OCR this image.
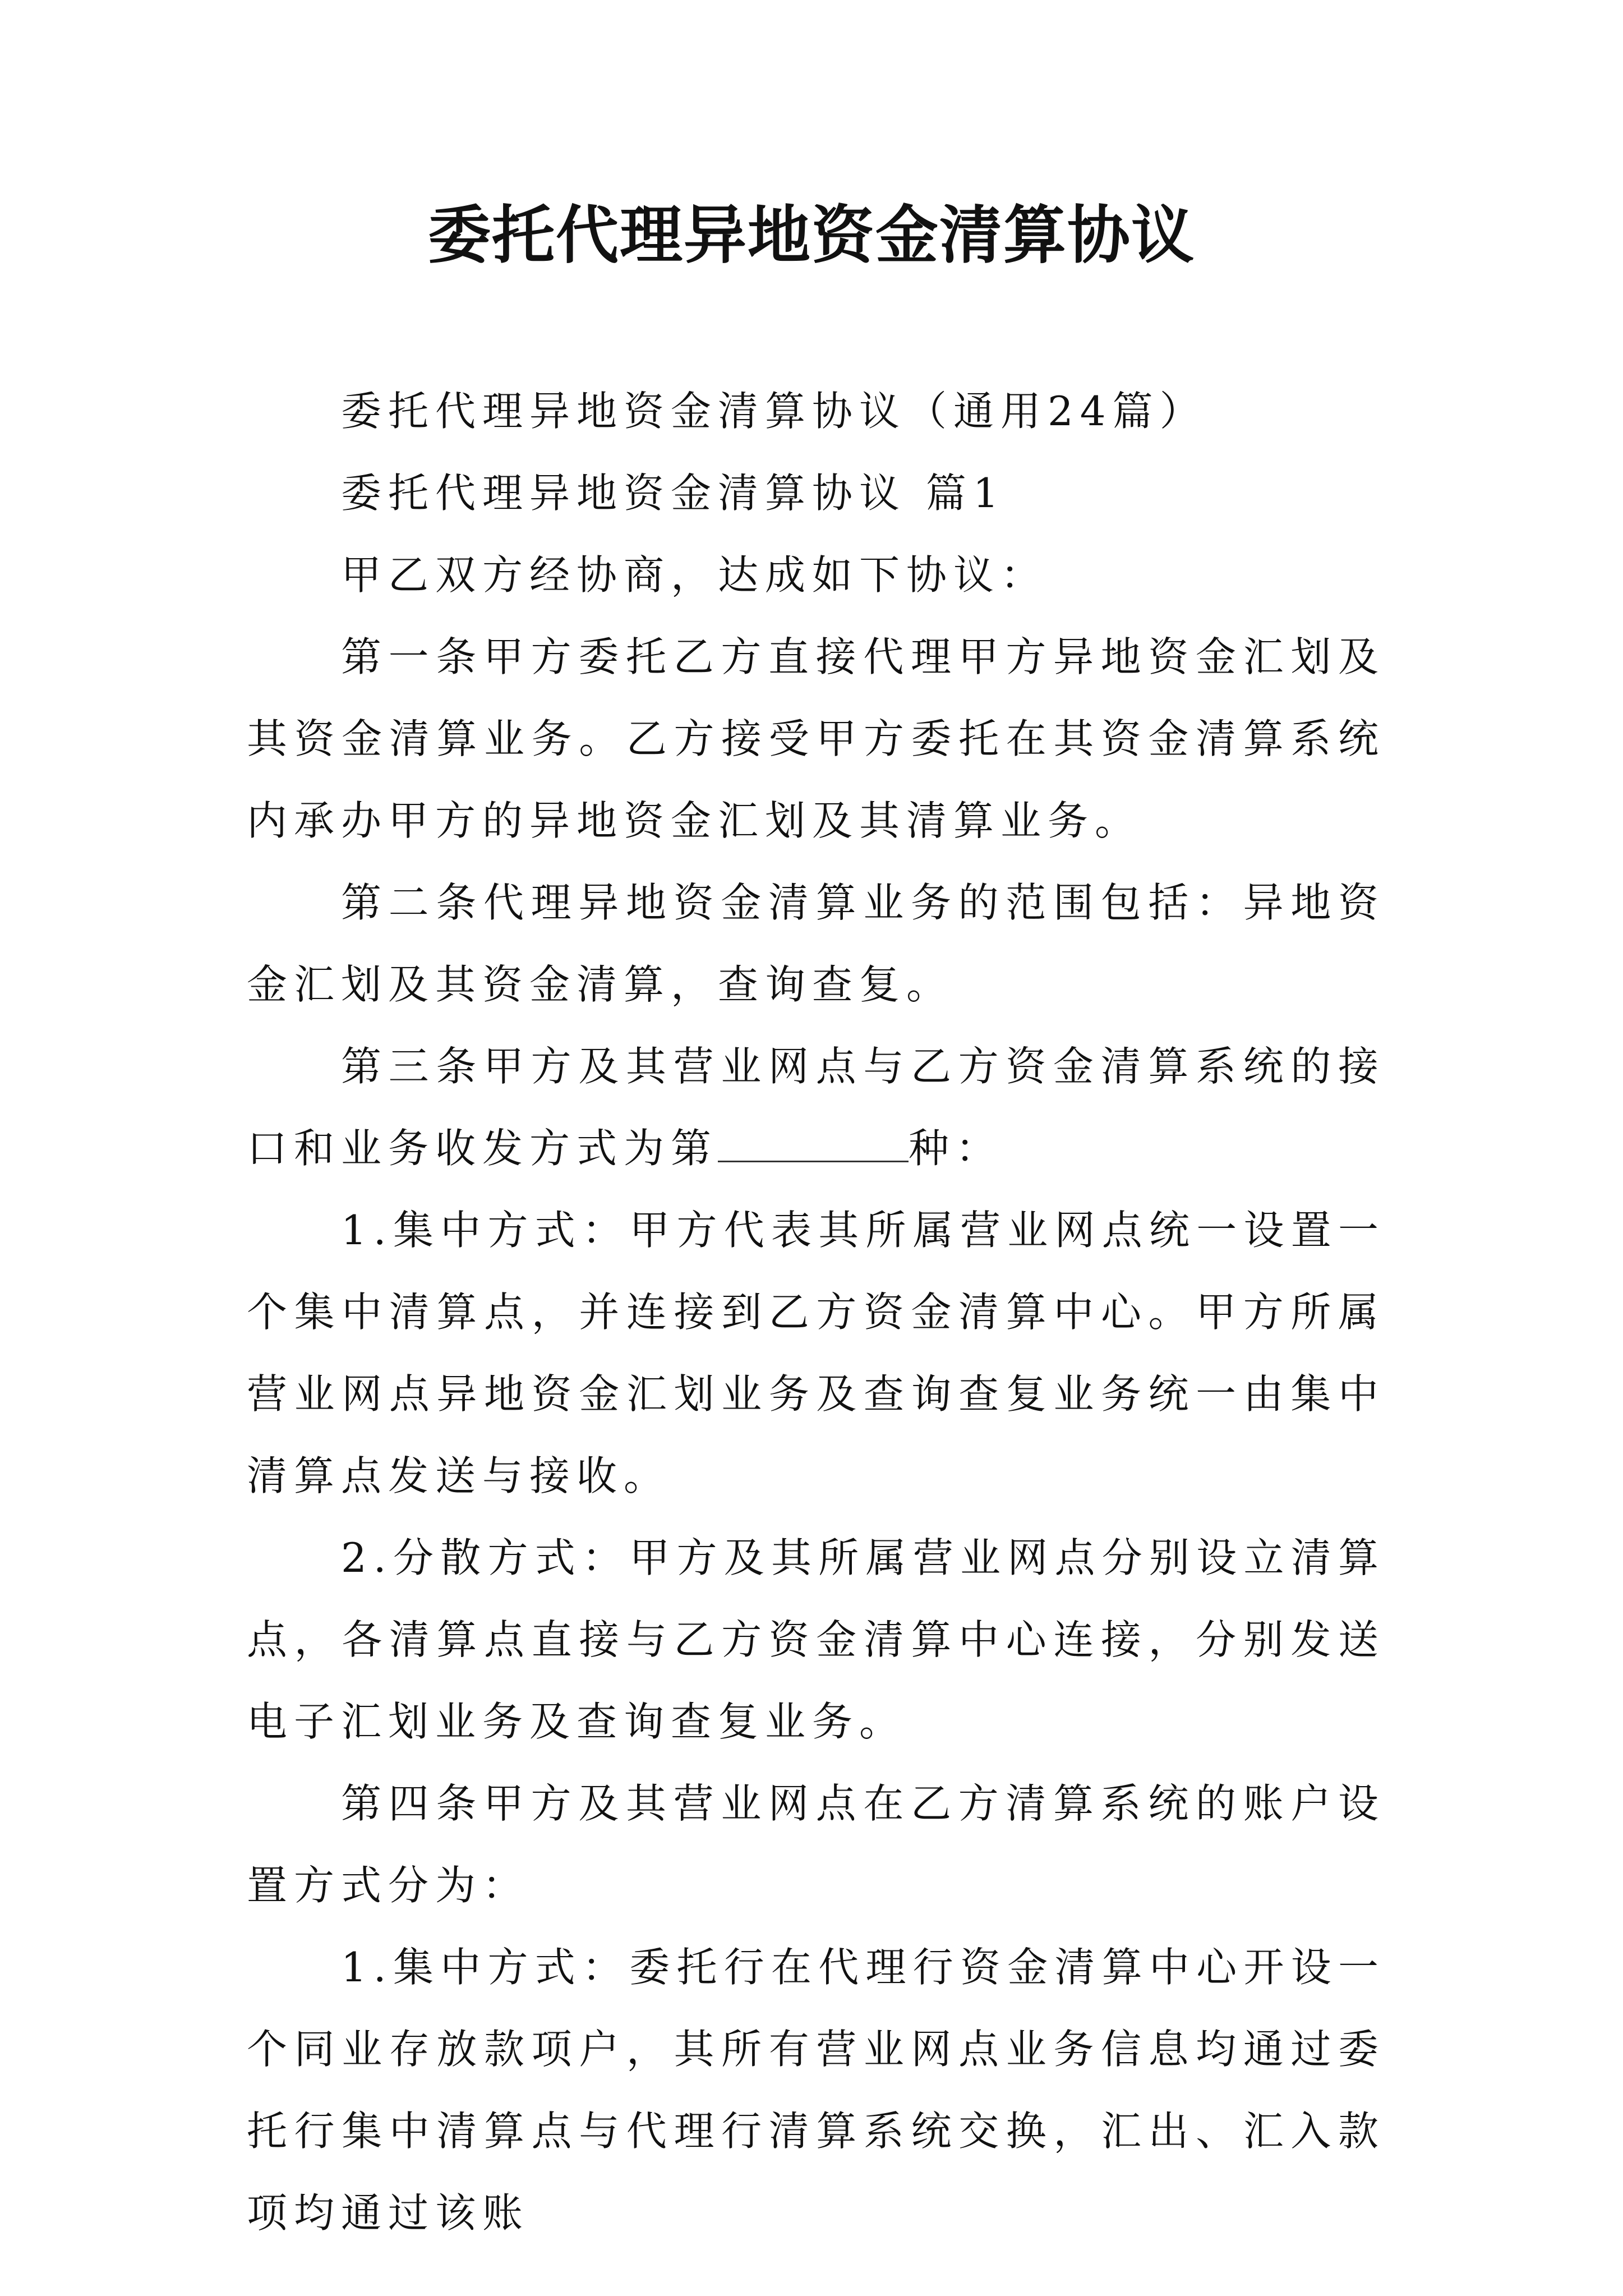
委托代理异地资金清算协议

委托代理异地资金清算协议（通用24篇）

委托代理异地资金清算协议 篇1

甲乙双方经协商，达成如下协议：

第一条甲方委托乙方直接代理甲方异地资金汇划及其资金清算业务。乙方接受甲方委托在其资金清算系统内承办甲方的异地资金汇划及其清算业务。

第二条代理异地资金清算业务的范围包括：异地资金汇划及其资金清算，查询查复。

第三条甲方及其营业网点与乙方资金清算系统的接口和业务收发方式为第	种：

1.集中方式：甲方代表其所属营业网点统一设置一个集中清算点，并连接到乙方资金清算中心。甲方所属营业网点异地资金汇划业务及查询查复业务统一由集中清算点发送与接收。

2.分散方式：甲方及其所属营业网点分别设立清算点，各清算点直接与乙方资金清算中心连接，分别发送电子汇划业务及查询查复业务。

第四条甲方及其营业网点在乙方清算系统的账户设置方式分为：

1.集中方式：委托行在代理行资金清算中心开设一个同业存放款项户，其所有营业网点业务信息均通过委托行集中清算点与代理行清算系统交换，汇出、汇入款项均通过该账
